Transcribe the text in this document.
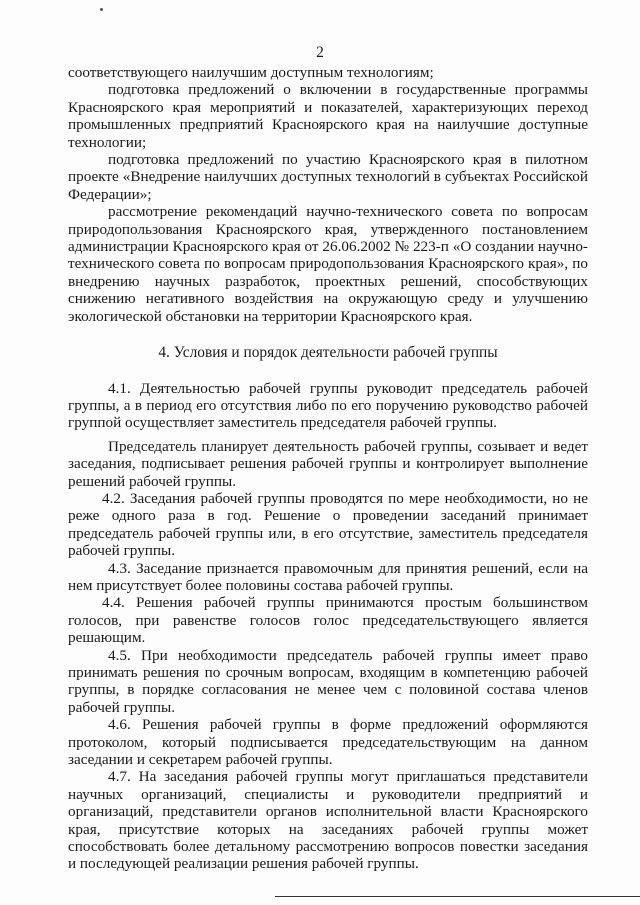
2

соответствующего наилучшим доступным технологиям;

подготовка предложений о включении в государственные программы Красноярского края мероприятий и показателей, характеризующих переход промышленных предприятий Красноярского края на наилучшие доступные технологии;

подготовка предложений по участию Красноярского края в пилотном проекте «Внедрение наилучших доступных технологий в субъектах Российской Федерации»;

рассмотрение рекомендаций научно-технического совета по вопросам природопользования Красноярского края, утвержденного постановлением администрации Красноярского края от 26.06.2002 № 223-п «О создании научно-технического совета по вопросам природопользования Красноярского края», по внедрению научных разработок, проектных решений, способствующих снижению негативного воздействия на окружающую среду и улучшению экологической обстановки на территории Красноярского края.

4. Условия и порядок деятельности рабочей группы

4.1. Деятельностью рабочей группы руководит председатель рабочей группы, а в период его отсутствия либо по его поручению руководство рабочей группой осуществляет заместитель председателя рабочей группы.

Председатель планирует деятельность рабочей группы, созывает и ведет заседания, подписывает решения рабочей группы и контролирует выполнение решений рабочей группы.

4.2. Заседания рабочей группы проводятся по мере необходимости, но не реже одного раза в год. Решение о проведении заседаний принимает председатель рабочей группы или, в его отсутствие, заместитель председателя рабочей группы.

4.3. Заседание признается правомочным для принятия решений, если на нем присутствует более половины состава рабочей группы.

4.4. Решения рабочей группы принимаются простым большинством голосов, при равенстве голосов голос председательствующего является решающим.

4.5. При необходимости председатель рабочей группы имеет право принимать решения по срочным вопросам, входящим в компетенцию рабочей группы, в порядке согласования не менее чем с половиной состава членов рабочей группы.

4.6. Решения рабочей группы в форме предложений оформляются протоколом, который подписывается председательствующим на данном заседании и секретарем рабочей группы.

4.7. На заседания рабочей группы могут приглашаться представители научных организаций, специалисты и руководители предприятий и организаций, представители органов исполнительной власти Красноярского края, присутствие которых на заседаниях рабочей группы может способствовать более детальному рассмотрению вопросов повестки заседания и последующей реализации решения рабочей группы.
